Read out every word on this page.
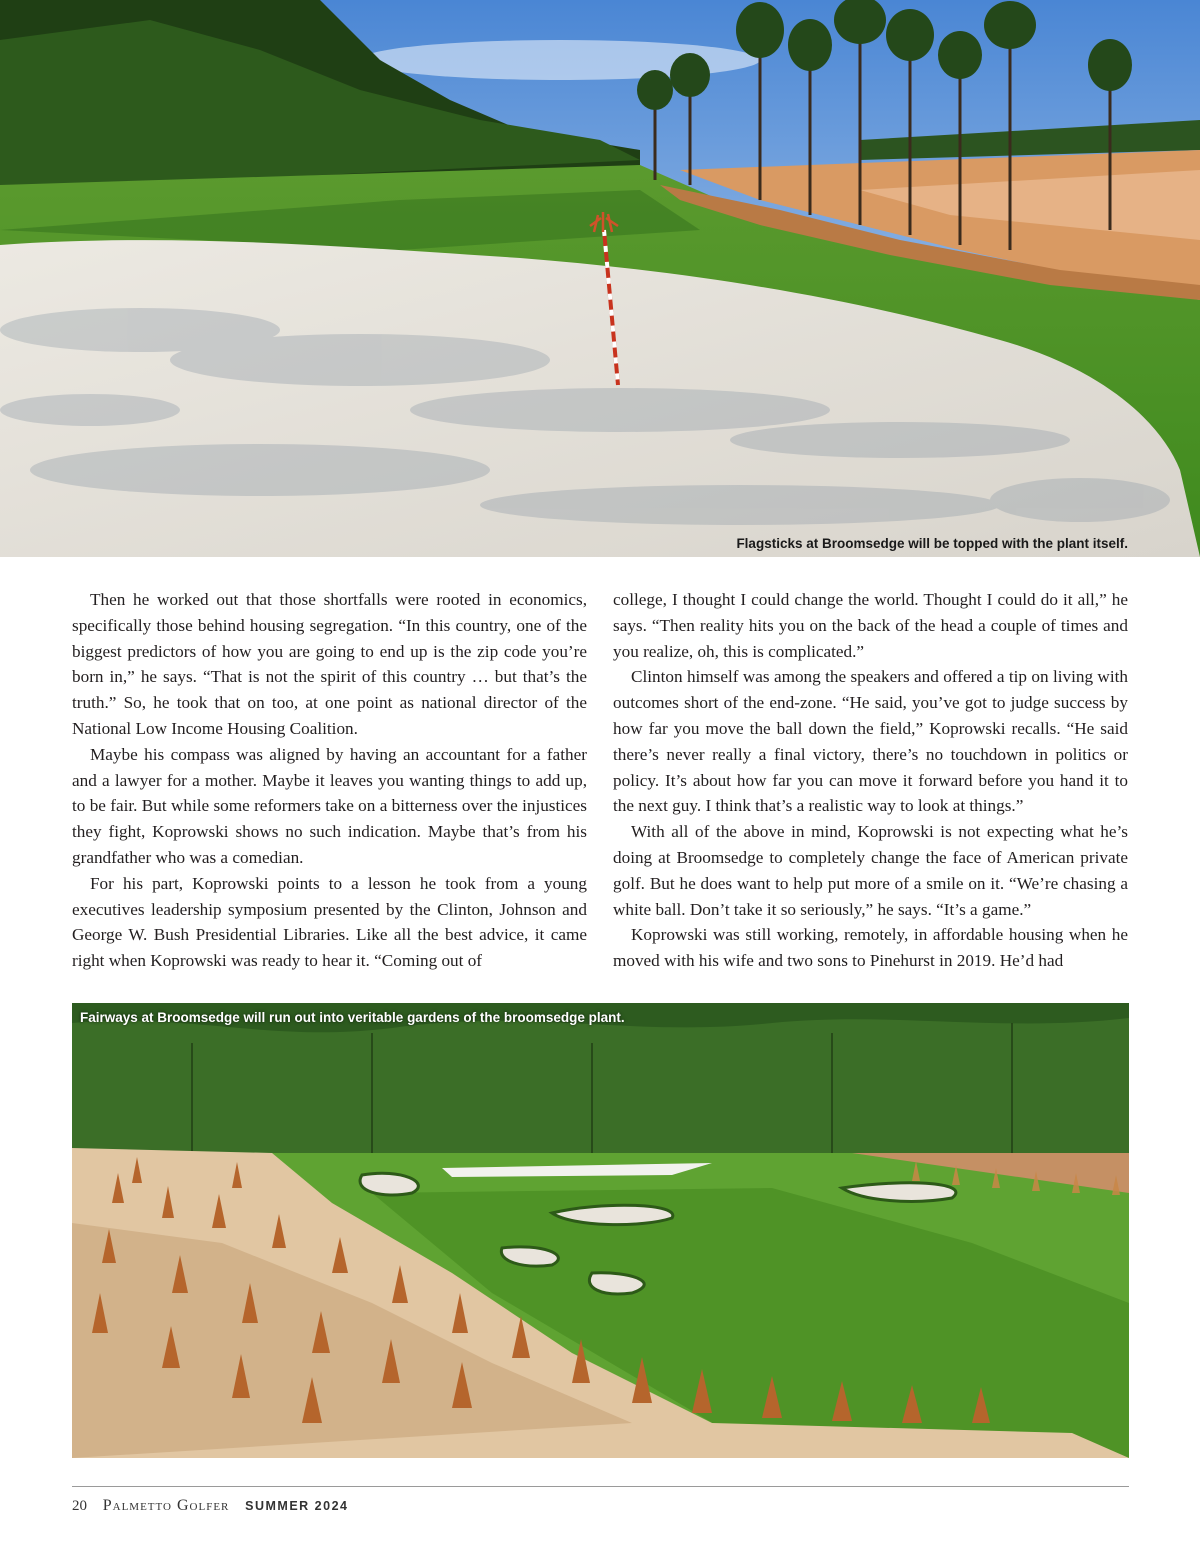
Flagsticks at Broomsedge will be topped with the plant itself.

Then he worked out that those shortfalls were rooted in economics, specifically those behind housing segregation. “In this country, one of the biggest predictors of how you are going to end up is the zip code you’re born in,” he says. “That is not the spirit of this country … but that’s the truth.” So, he took that on too, at one point as national director of the National Low Income Housing Coalition.

Maybe his compass was aligned by having an accountant for a father and a lawyer for a mother. Maybe it leaves you wanting things to add up, to be fair. But while some reformers take on a bitterness over the injustices they fight, Koprowski shows no such indication. Maybe that’s from his grandfather who was a comedian.

For his part, Koprowski points to a lesson he took from a young executives leadership symposium presented by the Clinton, Johnson and George W. Bush Presidential Libraries. Like all the best advice, it came right when Koprowski was ready to hear it. “Coming out of

college, I thought I could change the world. Thought I could do it all,” he says. “Then reality hits you on the back of the head a couple of times and you realize, oh, this is complicated.”

Clinton himself was among the speakers and offered a tip on living with outcomes short of the end-zone. “He said, you’ve got to judge success by how far you move the ball down the field,” Koprowski recalls. “He said there’s never really a final victory, there’s no touchdown in politics or policy. It’s about how far you can move it forward before you hand it to the next guy. I think that’s a realistic way to look at things.”

With all of the above in mind, Koprowski is not expecting what he’s doing at Broomsedge to completely change the face of American private golf. But he does want to help put more of a smile on it. “We’re chasing a white ball. Don’t take it so seriously,” he says. “It’s a game.”

Koprowski was still working, remotely, in affordable housing when he moved with his wife and two sons to Pinehurst in 2019. He’d had

Fairways at Broomsedge will run out into veritable gardens of the broomsedge plant.
20 Palmetto Golfer SUMMER 2024
